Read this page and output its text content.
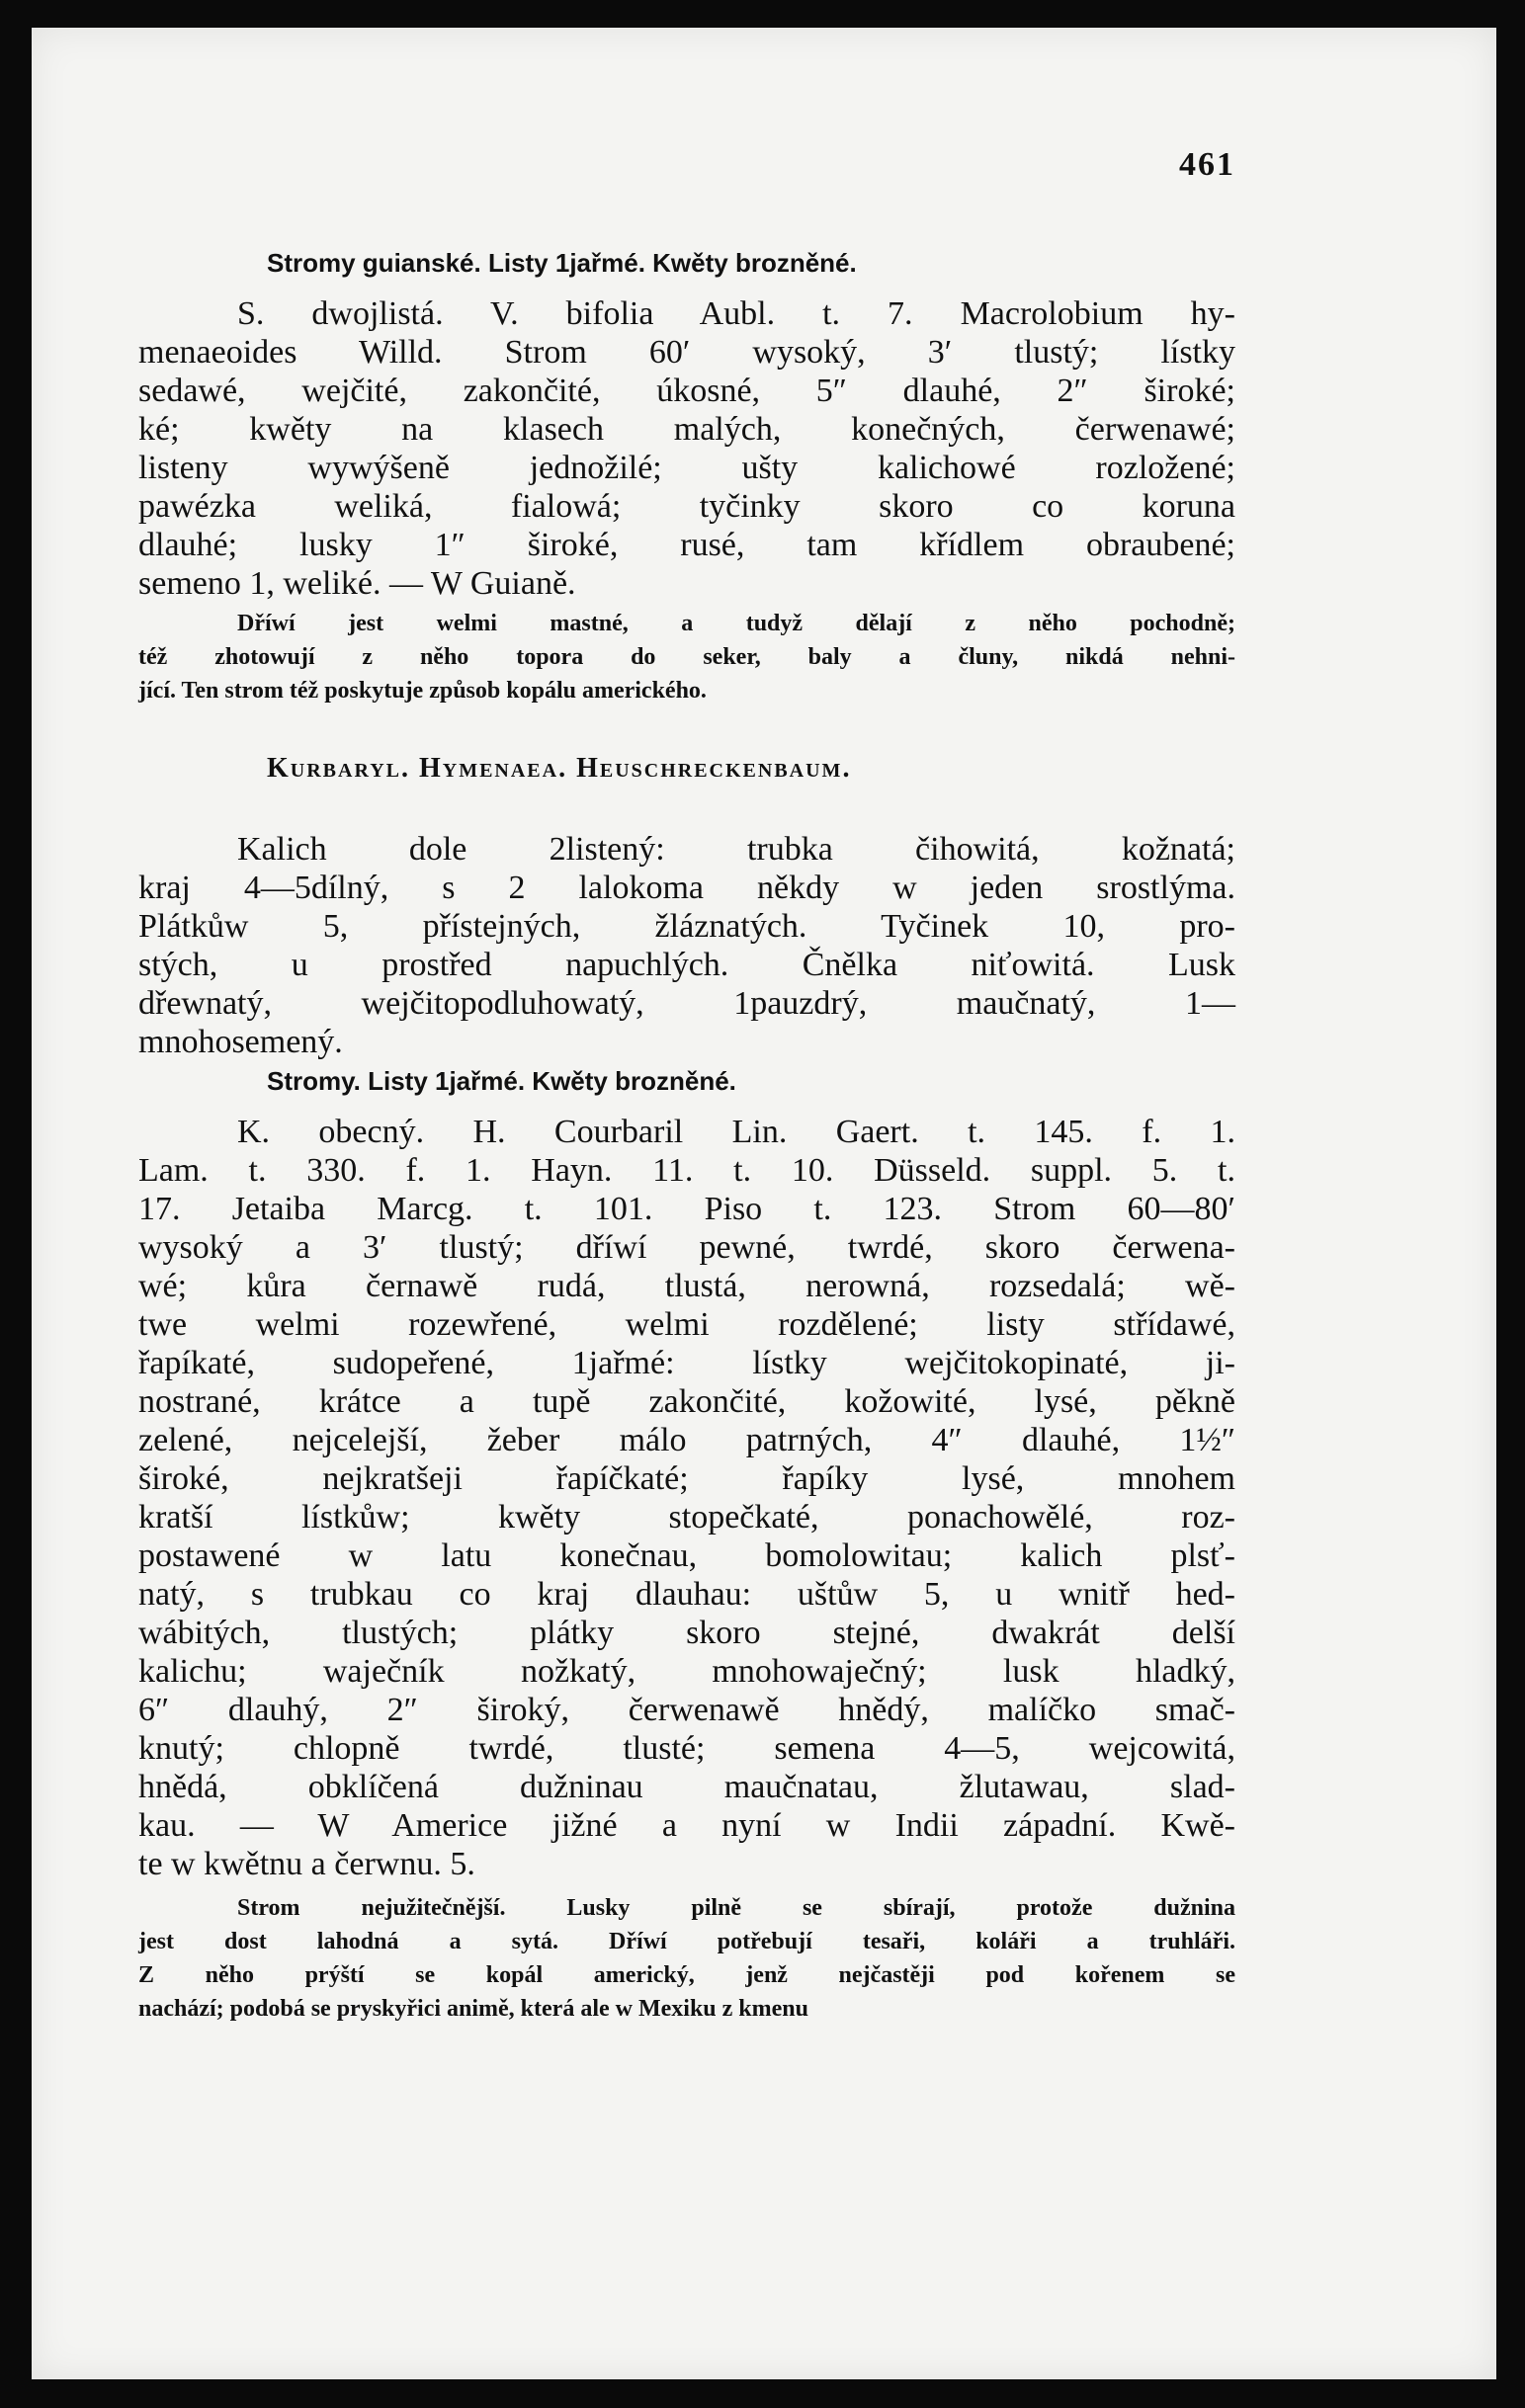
461
Stromy guianské. Listy 1jařmé. Kwěty brozněné.
S. dwojlistá. V. bifolia Aubl. t. 7. Macrolobium hy-
menaeoides Willd. Strom 60′ wysoký, 3′ tlustý; lístky
sedawé, wejčité, zakončité, úkosné, 5″ dlauhé, 2″ široké;
ké; kwěty na klasech malých, konečných, čerwenawé;
listeny wywýšeně jednožilé; ušty kalichowé rozložené;
pawézka weliká, fialowá; tyčinky skoro co koruna
dlauhé; lusky 1″ široké, rusé, tam křídlem obraubené;
semeno 1, weliké. — W Guianě.
Dříwí jest welmi mastné, a tudyž dělají z něho pochodně;
též zhotowují z něho topora do seker, baly a čluny, nikdá nehni-
jící. Ten strom též poskytuje způsob kopálu amerického.
Kurbaryl. Hymenaea. Heuschreckenbaum.
Kalich dole 2listený: trubka čihowitá, kožnatá;
kraj 4—5dílný, s 2 lalokoma někdy w jeden srostlýma.
Plátkůw 5, přístejných, žláznatých. Tyčinek 10, pro-
stých, u prostřed napuchlých. Čnělka niťowitá. Lusk
dřewnatý, wejčitopodluhowatý, 1pauzdrý, maučnatý, 1—
mnohosemený.
Stromy. Listy 1jařmé. Kwěty brozněné.
K. obecný. H. Courbaril Lin. Gaert. t. 145. f. 1.
Lam. t. 330. f. 1. Hayn. 11. t. 10. Düsseld. suppl. 5. t.
17. Jetaiba Marcg. t. 101. Piso t. 123. Strom 60—80′
wysoký a 3′ tlustý; dříwí pewné, twrdé, skoro čerwena-
wé; kůra černawě rudá, tlustá, nerowná, rozsedalá; wě-
twe welmi rozewřené, welmi rozdělené; listy střídawé,
řapíkaté, sudopeřené, 1jařmé: lístky wejčitokopinaté, ji-
nostrané, krátce a tupě zakončité, kožowité, lysé, pěkně
zelené, nejcelejší, žeber málo patrných, 4″ dlauhé, 1½″
široké, nejkratšeji řapíčkaté; řapíky lysé, mnohem
kratší lístkůw; kwěty stopečkaté, ponachowělé, roz-
postawené w latu konečnau, bomolowitau; kalich plsť-
natý, s trubkau co kraj dlauhau: uštůw 5, u wnitř hed-
wábitých, tlustých; plátky skoro stejné, dwakrát delší
kalichu; waječník nožkatý, mnohowaječný; lusk hladký,
6″ dlauhý, 2″ široký, čerwenawě hnědý, malíčko smač-
knutý; chlopně twrdé, tlusté; semena 4—5, wejcowitá,
hnědá, obklíčená dužninau maučnatau, žlutawau, slad-
kau. — W Americe jižné a nyní w Indii západní. Kwě-
te w kwětnu a čerwnu. 5.
Strom nejužitečnější. Lusky pilně se sbírají, protože dužnina
jest dost lahodná a sytá. Dříwí potřebují tesaři, koláři a truhláři.
Z něho prýští se kopál americký, jenž nejčastěji pod kořenem se
nachází; podobá se pryskyřici animě, která ale w Mexiku z kmenu
